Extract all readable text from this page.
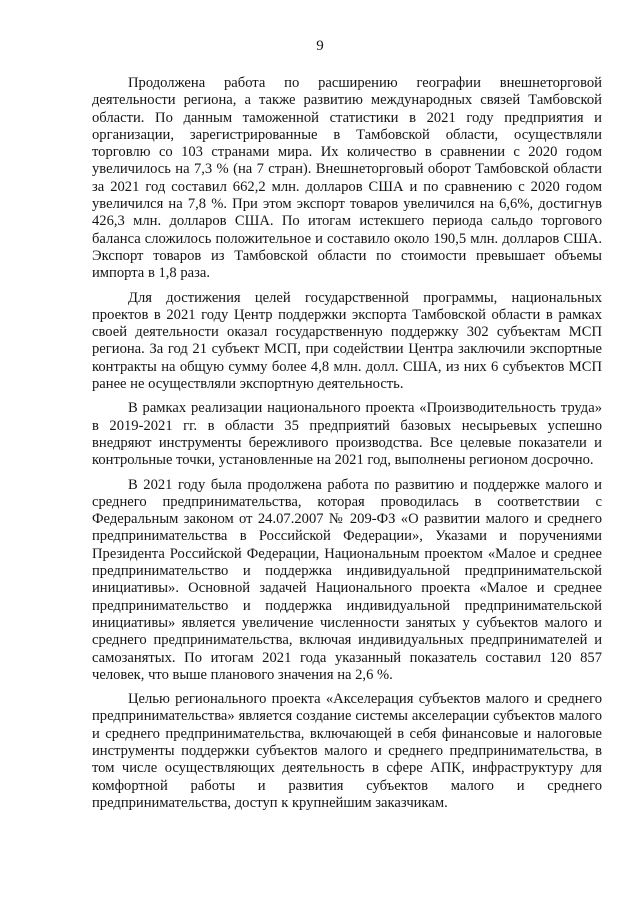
9

Продолжена работа по расширению географии внешнеторговой деятельности региона, а также развитию международных связей Тамбовской области. По данным таможенной статистики в 2021 году предприятия и организации, зарегистрированные в Тамбовской области, осуществляли торговлю со 103 странами мира. Их количество в сравнении с 2020 годом увеличилось на 7,3 % (на 7 стран). Внешнеторговый оборот Тамбовской области за 2021 год составил 662,2 млн. долларов США и по сравнению с 2020 годом увеличился на 7,8 %. При этом экспорт товаров увеличился на 6,6%, достигнув 426,3 млн. долларов США. По итогам истекшего периода сальдо торгового баланса сложилось положительное и составило около 190,5 млн. долларов США. Экспорт товаров из Тамбовской области по стоимости превышает объемы импорта в 1,8 раза.

Для достижения целей государственной программы, национальных проектов в 2021 году Центр поддержки экспорта Тамбовской области в рамках своей деятельности оказал государственную поддержку 302 субъектам МСП региона. За год 21 субъект МСП, при содействии Центра заключили экспортные контракты на общую сумму более 4,8 млн. долл. США, из них 6 субъектов МСП ранее не осуществляли экспортную деятельность.

В рамках реализации национального проекта «Производительность труда» в 2019-2021 гг. в области 35 предприятий базовых несырьевых успешно внедряют инструменты бережливого производства. Все целевые показатели и контрольные точки, установленные на 2021 год, выполнены регионом досрочно.

В 2021 году была продолжена работа по развитию и поддержке малого и среднего предпринимательства, которая проводилась в соответствии с Федеральным законом от 24.07.2007 № 209-ФЗ «О развитии малого и среднего предпринимательства в Российской Федерации», Указами и поручениями Президента Российской Федерации, Национальным проектом «Малое и среднее предпринимательство и поддержка индивидуальной предпринимательской инициативы». Основной задачей Национального проекта «Малое и среднее предпринимательство и поддержка индивидуальной предпринимательской инициативы» является увеличение численности занятых у субъектов малого и среднего предпринимательства, включая индивидуальных предпринимателей и самозанятых. По итогам 2021 года указанный показатель составил 120 857 человек, что выше планового значения на 2,6 %.

Целью регионального проекта «Акселерация субъектов малого и среднего предпринимательства» является создание системы акселерации субъектов малого и среднего предпринимательства, включающей в себя финансовые и налоговые инструменты поддержки субъектов малого и среднего предпринимательства, в том числе осуществляющих деятельность в сфере АПК, инфраструктуру для комфортной работы и развития субъектов малого и среднего предпринимательства, доступ к крупнейшим заказчикам.
